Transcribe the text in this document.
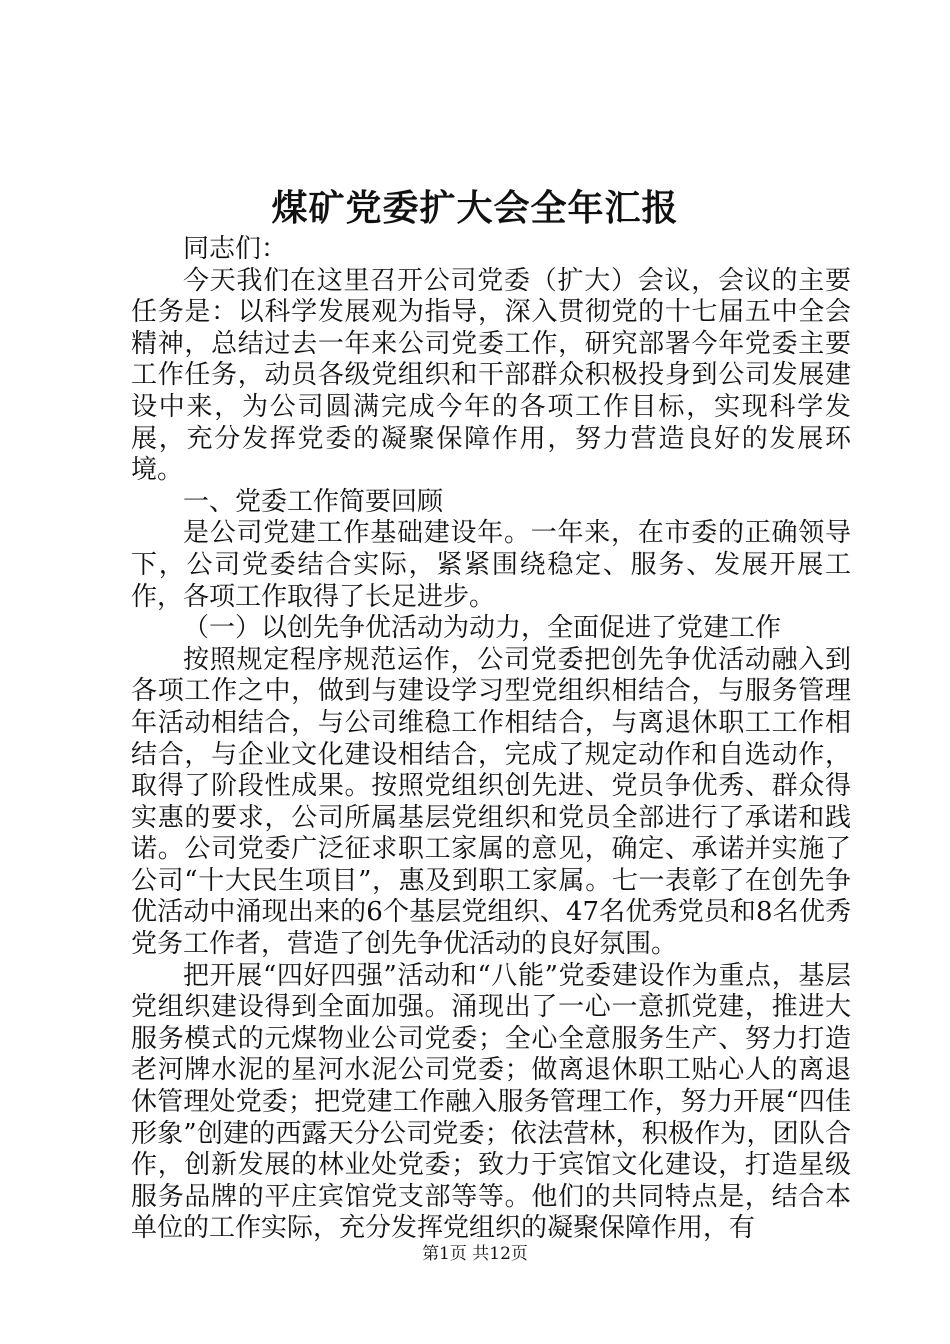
煤矿党委扩大会全年汇报

同志们：

今天我们在这里召开公司党委（扩大）会议，会议的主要任务是：以科学发展观为指导，深入贯彻党的十七届五中全会精神，总结过去一年来公司党委工作，研究部署今年党委主要工作任务，动员各级党组织和干部群众积极投身到公司发展建设中来，为公司圆满完成今年的各项工作目标，实现科学发展，充分发挥党委的凝聚保障作用，努力营造良好的发展环境。

一、党委工作简要回顾

是公司党建工作基础建设年。一年来，在市委的正确领导下，公司党委结合实际，紧紧围绕稳定、服务、发展开展工作，各项工作取得了长足进步。

（一）以创先争优活动为动力，全面促进了党建工作

按照规定程序规范运作，公司党委把创先争优活动融入到各项工作之中，做到与建设学习型党组织相结合，与服务管理年活动相结合，与公司维稳工作相结合，与离退休职工工作相结合，与企业文化建设相结合，完成了规定动作和自选动作，取得了阶段性成果。按照党组织创先进、党员争优秀、群众得实惠的要求，公司所属基层党组织和党员全部进行了承诺和践诺。公司党委广泛征求职工家属的意见，确定、承诺并实施了公司“十大民生项目”，惠及到职工家属。七一表彰了在创先争优活动中涌现出来的6个基层党组织、47名优秀党员和8名优秀党务工作者，营造了创先争优活动的良好氛围。

把开展“四好四强”活动和“八能”党委建设作为重点，基层党组织建设得到全面加强。涌现出了一心一意抓党建，推进大服务模式的元煤物业公司党委；全心全意服务生产、努力打造老河牌水泥的星河水泥公司党委；做离退休职工贴心人的离退休管理处党委；把党建工作融入服务管理工作，努力开展“四佳形象”创建的西露天分公司党委；依法营林，积极作为，团队合作，创新发展的林业处党委；致力于宾馆文化建设，打造星级服务品牌的平庄宾馆党支部等等。他们的共同特点是，结合本单位的工作实际，充分发挥党组织的凝聚保障作用，有

第1页 共12页
